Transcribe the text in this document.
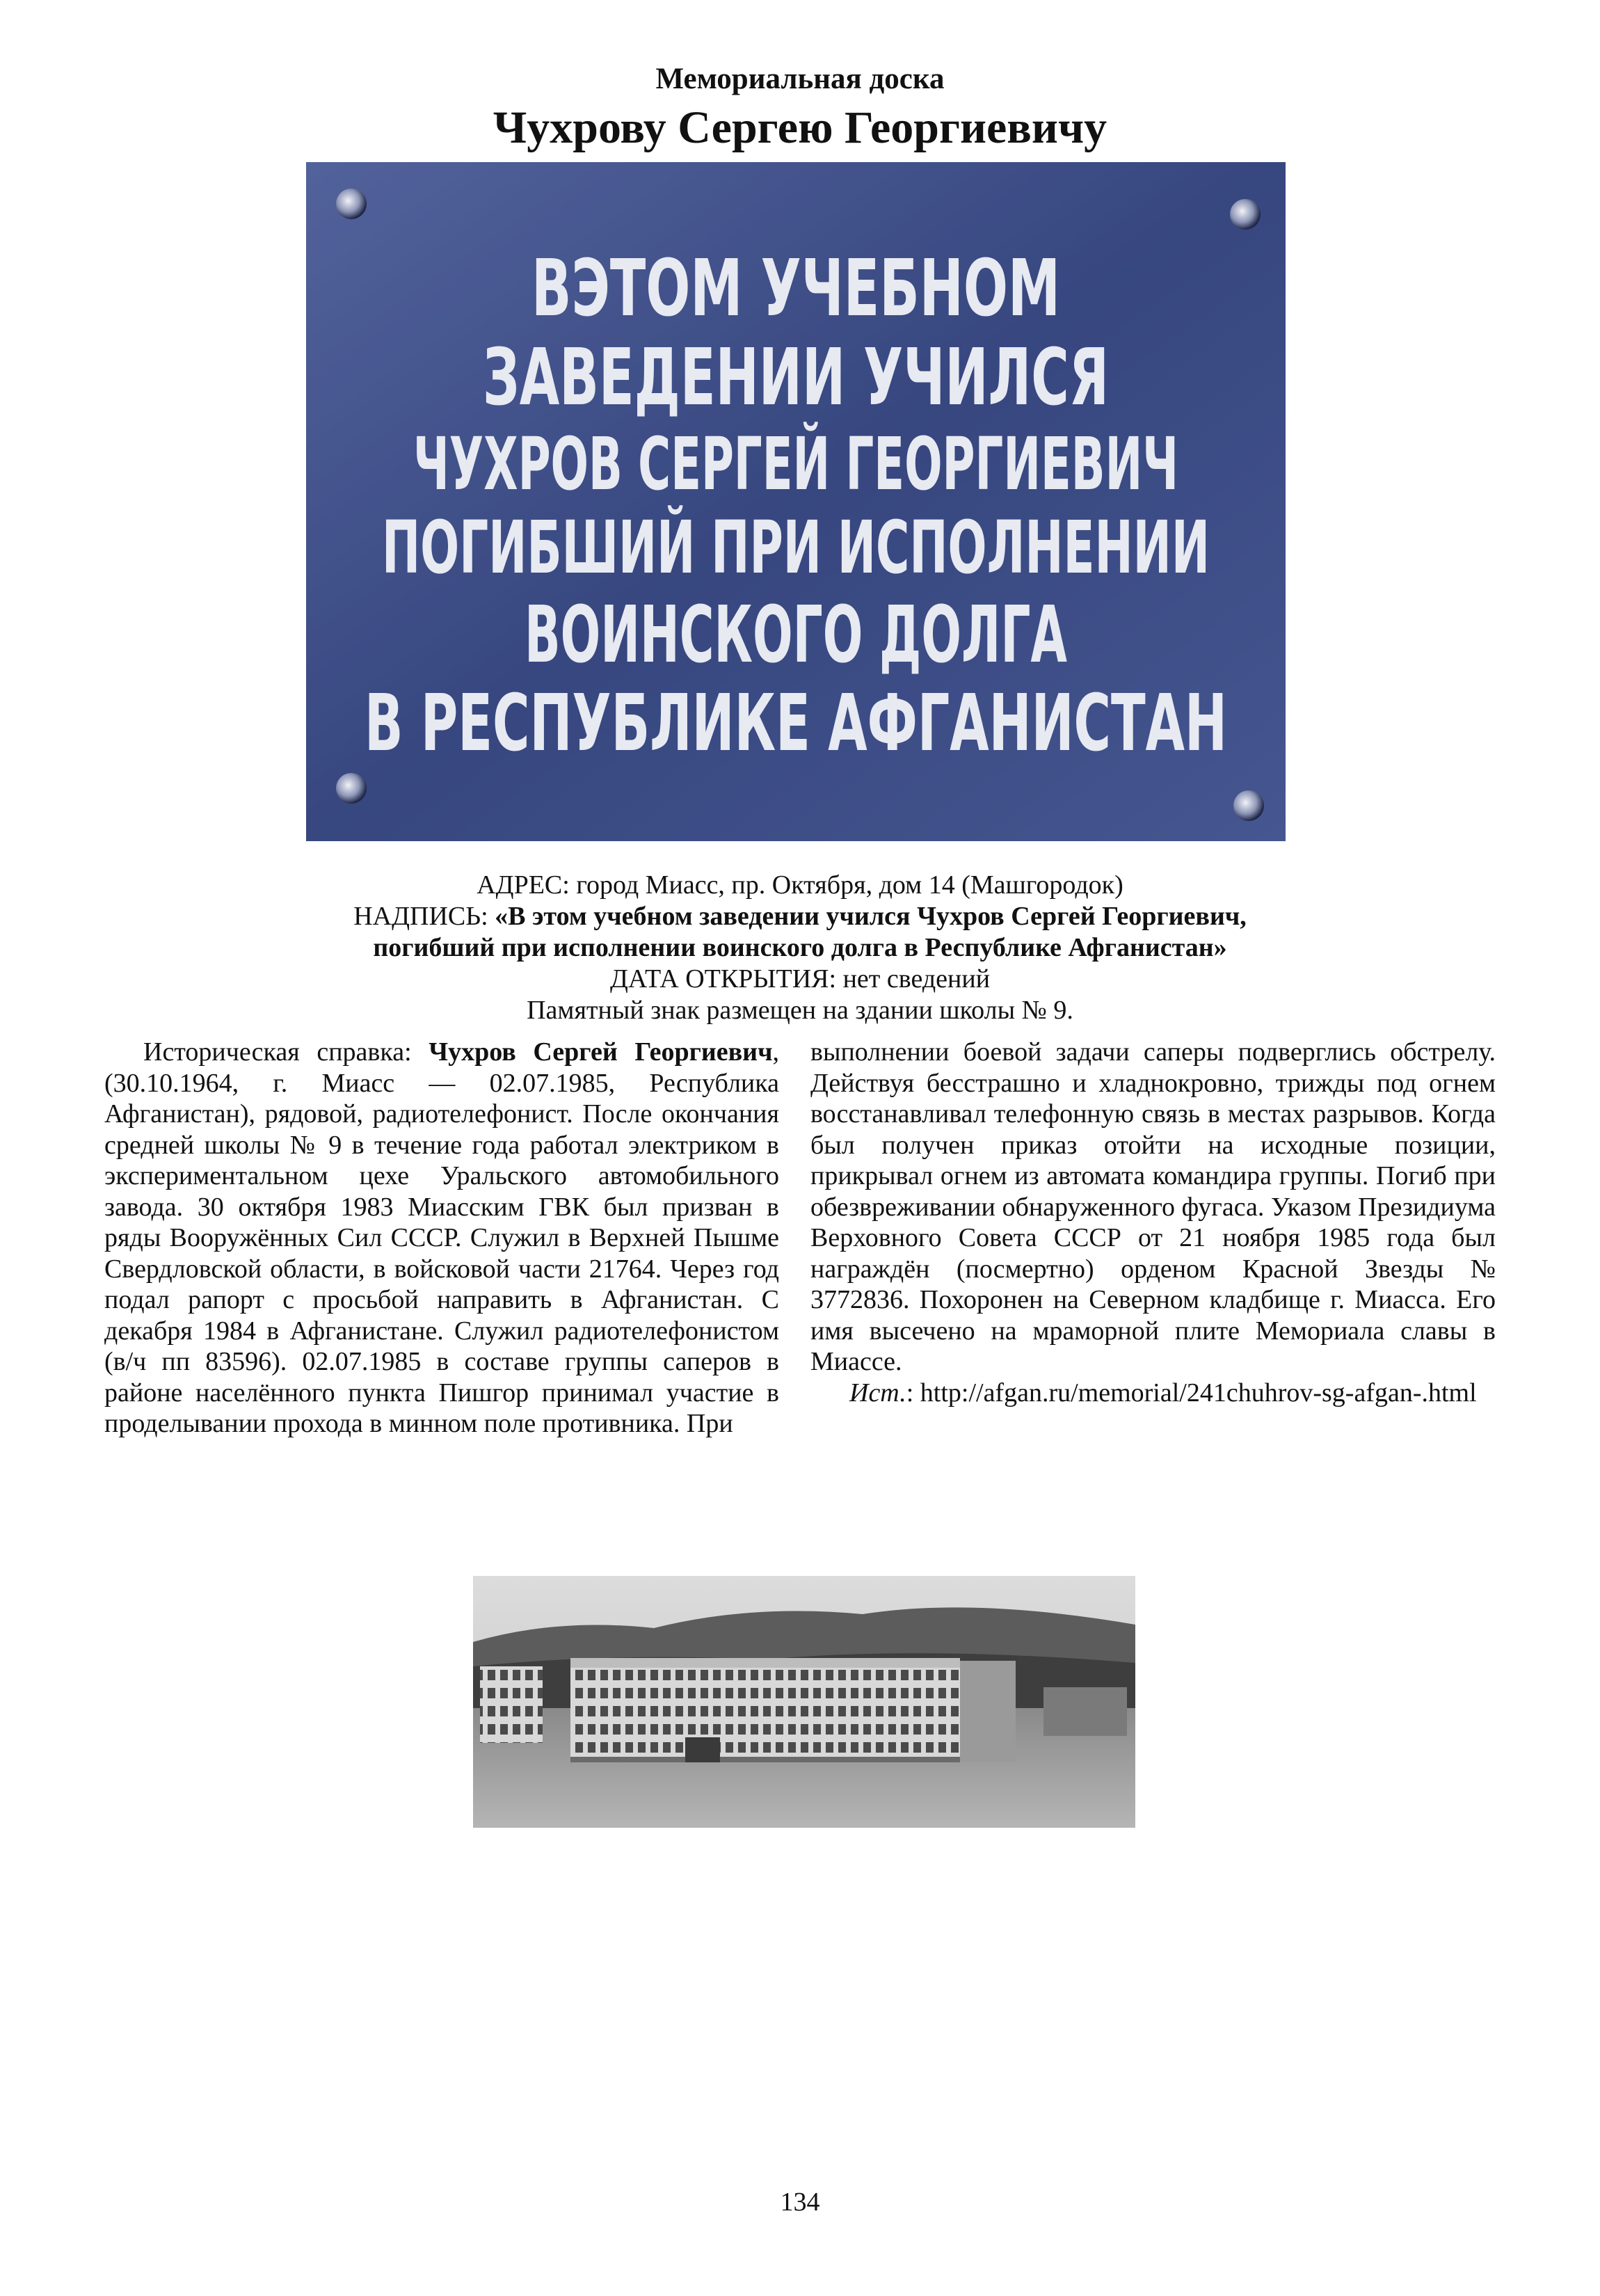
Мемориальная доска
Чухрову Сергею Георгиевичу
ВЭТОМ УЧЕБНОМ
ЗАВЕДЕНИИ УЧИЛСЯ
ЧУХРОВ СЕРГЕЙ ГЕОРГИЕВИЧ
ПОГИБШИЙ ПРИ ИСПОЛНЕНИИ
ВОИНСКОГО ДОЛГА
В РЕСПУБЛИКЕ АФГАНИСТАН
АДРЕС: город Миасс, пр. Октября, дом 14 (Машгородок)
НАДПИСЬ: «В этом учебном заведении учился Чухров Сергей Георгиевич,
погибший при исполнении воинского долга в Республике Афганистан»
ДАТА ОТКРЫТИЯ: нет сведений
Памятный знак размещен на здании школы № 9.

Историческая справка: Чухров Сергей Георгиевич, (30.10.1964, г. Миасс — 02.07.1985, Республика Афганистан), рядовой, радиотелефонист. После окончания средней школы № 9 в течение года работал электриком в экспериментальном цехе Уральского автомобильного завода. 30 октября 1983 Миасским ГВК был призван в ряды Вооружённых Сил СССР. Служил в Верхней Пышме Свердловской области, в войсковой части 21764. Через год подал рапорт с просьбой направить в Афганистан. С декабря 1984 в Афганистане. Служил радиотелефонистом (в/ч пп 83596). 02.07.1985 в составе группы саперов в районе населённого пункта Пишгор принимал участие в проделывании прохода в минном поле противника. При

выполнении боевой задачи саперы подверглись обстрелу. Действуя бесстрашно и хладнокровно, трижды под огнем восстанавливал телефонную связь в местах разрывов. Когда был получен приказ отойти на исходные позиции, прикрывал огнем из автомата командира группы. Погиб при обезвреживании обнаруженного фугаса. Указом Президиума Верховного Совета СССР от 21 ноября 1985 года был награждён (посмертно) орденом Красной Звезды № 3772836. Похоронен на Северном кладбище г. Миасса. Его имя высечено на мраморной плите Мемориала славы в Миассе.

Ист.: http://afgan.ru/memorial/241chuhrov-sg-afgan-.html

134
